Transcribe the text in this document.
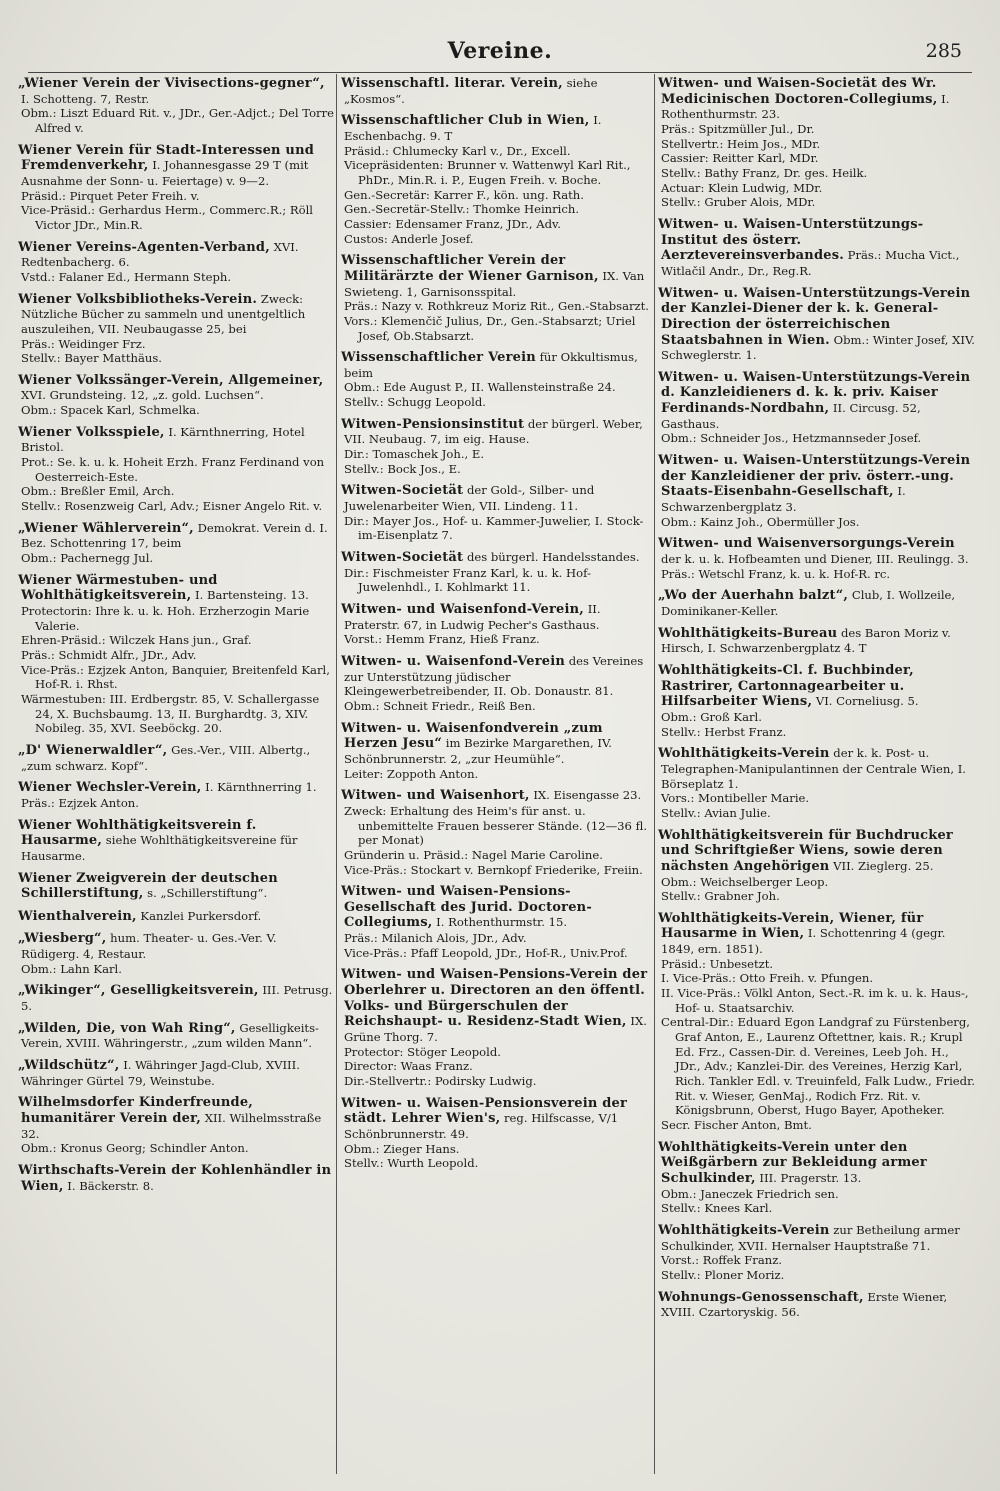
Vereine.	285
„Wiener Verein der Vivisections-gegner“, I. Schotteng. 7, Restr.
Obm.: Liszt Eduard Rit. v., JDr., Ger.-Adjct.; Del Torre Alfred v.
Wiener Verein für Stadt-Interessen und Fremdenverkehr, I. Johannesgasse 29 T (mit Ausnahme der Sonn- u. Feiertage) v. 9—2.
Präsid.: Pirquet Peter Freih. v.
Vice-Präsid.: Gerhardus Herm., Commerc.R.; Röll Victor JDr., Min.R.
Wiener Vereins-Agenten-Verband, XVI. Redtenbacherg. 6.
Vstd.: Falaner Ed., Hermann Steph.
Wiener Volksbibliotheks-Verein. Zweck: Nützliche Bücher zu sammeln und unentgeltlich auszuleihen, VII. Neubaugasse 25, bei
Präs.: Weidinger Frz.
Stellv.: Bayer Matthäus.
Wiener Volkssänger-Verein, Allgemeiner, XVI. Grundsteing. 12, „z. gold. Luchsen“.
Obm.: Spacek Karl, Schmelka.
Wiener Volksspiele, I. Kärnthnerring, Hotel Bristol.
Prot.: Se. k. u. k. Hoheit Erzh. Franz Ferdinand von Oesterreich-Este.
Obm.: Breßler Emil, Arch.
Stellv.: Rosenzweig Carl, Adv.; Eisner Angelo Rit. v.
„Wiener Wählerverein“, Demokrat. Verein d. I. Bez. Schottenring 17, beim
Obm.: Pachernegg Jul.
Wiener Wärmestuben- und Wohlthätigkeitsverein, I. Bartensteing. 13.
Protectorin: Ihre k. u. k. Hoh. Erzherzogin Marie Valerie.
Ehren-Präsid.: Wilczek Hans jun., Graf.
Präs.: Schmidt Alfr., JDr., Adv.
Vice-Präs.: Ezjzek Anton, Banquier, Breitenfeld Karl, Hof-R. i. Rhst.
Wärmestuben: III. Erdbergstr. 85, V. Schallergasse 24, X. Buchsbaumg. 13, II. Burghardtg. 3, XIV. Nobileg. 35, XVI. Seeböckg. 20.
„D' Wienerwaldler“, Ges.-Ver., VIII. Albertg., „zum schwarz. Kopf“.
Wiener Wechsler-Verein, I. Kärnthnerring 1.
Präs.: Ezjzek Anton.
Wiener Wohlthätigkeitsverein f. Hausarme, siehe Wohlthätigkeitsvereine für Hausarme.
Wiener Zweigverein der deutschen Schillerstiftung, s. „Schillerstiftung“.
Wienthalverein, Kanzlei Purkersdorf.
„Wiesberg“, hum. Theater- u. Ges.-Ver. V. Rüdigerg. 4, Restaur.
Obm.: Lahn Karl.
„Wikinger“, Geselligkeitsverein, III. Petrusg. 5.
„Wilden, Die, von Wah Ring“, Geselligkeits-Verein, XVIII. Währingerstr., „zum wilden Mann“.
„Wildschütz“, I. Währinger Jagd-Club, XVIII. Währinger Gürtel 79, Weinstube.
Wilhelmsdorfer Kinderfreunde, humanitärer Verein der, XII. Wilhelmsstraße 32.
Obm.: Kronus Georg; Schindler Anton.
Wirthschafts-Verein der Kohlenhändler in Wien, I. Bäckerstr. 8.
Wissenschaftl. literar. Verein, siehe „Kosmos“.
Wissenschaftlicher Club in Wien, I. Eschenbachg. 9. T
Präsid.: Chlumecky Karl v., Dr., Excell.
Vicepräsidenten: Brunner v. Wattenwyl Karl Rit., PhDr., Min.R. i. P., Eugen Freih. v. Boche.
Gen.-Secretär: Karrer F., kön. ung. Rath.
Gen.-Secretär-Stellv.: Thomke Heinrich.
Cassier: Edensamer Franz, JDr., Adv.
Custos: Anderle Josef.
Wissenschaftlicher Verein der Militärärzte der Wiener Garnison, IX. Van Swieteng. 1, Garnisonsspital.
Präs.: Nazy v. Rothkreuz Moriz Rit., Gen.-Stabsarzt.
Vors.: Klemenčič Julius, Dr., Gen.-Stabsarzt; Uriel Josef, Ob.Stabsarzt.
Wissenschaftlicher Verein für Okkultismus, beim
Obm.: Ede August P., II. Wallensteinstraße 24.
Stellv.: Schugg Leopold.
Witwen-Pensionsinstitut der bürgerl. Weber, VII. Neubaug. 7, im eig. Hause.
Dir.: Tomaschek Joh., E.
Stellv.: Bock Jos., E.
Witwen-Societät der Gold-, Silber- und Juwelenarbeiter Wien, VII. Lindeng. 11.
Dir.: Mayer Jos., Hof- u. Kammer-Juwelier, I. Stock-im-Eisenplatz 7.
Witwen-Societät des bürgerl. Handelsstandes.
Dir.: Fischmeister Franz Karl, k. u. k. Hof-Juwelenhdl., I. Kohlmarkt 11.
Witwen- und Waisenfond-Verein, II. Praterstr. 67, in Ludwig Pecher's Gasthaus.
Vorst.: Hemm Franz, Hieß Franz.
Witwen- u. Waisenfond-Verein des Vereines zur Unterstützung jüdischer Kleingewerbetreibender, II. Ob. Donaustr. 81.
Obm.: Schneit Friedr., Reiß Ben.
Witwen- u. Waisenfondverein „zum Herzen Jesu“ im Bezirke Margarethen, IV. Schönbrunnerstr. 2, „zur Heumühle“.
Leiter: Zoppoth Anton.
Witwen- und Waisenhort, IX. Eisengasse 23.
Zweck: Erhaltung des Heim's für anst. u. unbemittelte Frauen besserer Stände. (12—36 fl. per Monat)
Gründerin u. Präsid.: Nagel Marie Caroline.
Vice-Präs.: Stockart v. Bernkopf Friederike, Freiin.
Witwen- und Waisen-Pensions-Gesellschaft des Jurid. Doctoren-Collegiums, I. Rothenthurmstr. 15.
Präs.: Milanich Alois, JDr., Adv.
Vice-Präs.: Pfaff Leopold, JDr., Hof-R., Univ.Prof.
Witwen- und Waisen-Pensions-Verein der Oberlehrer u. Directoren an den öffentl. Volks- und Bürgerschulen der Reichshaupt- u. Residenz-Stadt Wien, IX. Grüne Thorg. 7.
Protector: Stöger Leopold.
Director: Waas Franz.
Dir.-Stellvertr.: Podirsky Ludwig.
Witwen- u. Waisen-Pensionsverein der städt. Lehrer Wien's, reg. Hilfscasse, V/1 Schönbrunnerstr. 49.
Obm.: Zieger Hans.
Stellv.: Wurth Leopold.
Witwen- und Waisen-Societät des Wr. Medicinischen Doctoren-Collegiums, I. Rothenthurmstr. 23.
Präs.: Spitzmüller Jul., Dr.
Stellvertr.: Heim Jos., MDr.
Cassier: Reitter Karl, MDr.
Stellv.: Bathy Franz, Dr. ges. Heilk.
Actuar: Klein Ludwig, MDr.
Stellv.: Gruber Alois, MDr.
Witwen- u. Waisen-Unterstützungs-Institut des österr. Aerztevereinsverbandes. Präs.: Mucha Vict., Witlačil Andr., Dr., Reg.R.
Witwen- u. Waisen-Unterstützungs-Verein der Kanzlei-Diener der k. k. General-Direction der österreichischen Staatsbahnen in Wien. Obm.: Winter Josef, XIV. Schweglerstr. 1.
Witwen- u. Waisen-Unterstützungs-Verein d. Kanzleidieners d. k. k. priv. Kaiser Ferdinands-Nordbahn, II. Circusg. 52, Gasthaus.
Obm.: Schneider Jos., Hetzmannseder Josef.
Witwen- u. Waisen-Unterstützungs-Verein der Kanzleidiener der priv. österr.-ung. Staats-Eisenbahn-Gesellschaft, I. Schwarzenbergplatz 3.
Obm.: Kainz Joh., Obermüller Jos.
Witwen- und Waisenversorgungs-Verein der k. u. k. Hofbeamten und Diener, III. Reulingg. 3.
Präs.: Wetschl Franz, k. u. k. Hof-R. rc.
„Wo der Auerhahn balzt“, Club, I. Wollzeile, Dominikaner-Keller.
Wohlthätigkeits-Bureau des Baron Moriz v. Hirsch, I. Schwarzenbergplatz 4. T
Wohlthätigkeits-Cl. f. Buchbinder, Rastrirer, Cartonnagearbeiter u. Hilfsarbeiter Wiens, VI. Corneliusg. 5.
Obm.: Groß Karl.
Stellv.: Herbst Franz.
Wohlthätigkeits-Verein der k. k. Post- u. Telegraphen-Manipulantinnen der Centrale Wien, I. Börseplatz 1.
Vors.: Montibeller Marie.
Stellv.: Avian Julie.
Wohlthätigkeitsverein für Buchdrucker und Schriftgießer Wiens, sowie deren nächsten Angehörigen VII. Zieglerg. 25.
Obm.: Weichselberger Leop.
Stellv.: Grabner Joh.
Wohlthätigkeits-Verein, Wiener, für Hausarme in Wien, I. Schottenring 4 (gegr. 1849, ern. 1851).
Präsid.: Unbesetzt.
I. Vice-Präs.: Otto Freih. v. Pfungen.
II. Vice-Präs.: Völkl Anton, Sect.-R. im k. u. k. Haus-, Hof- u. Staatsarchiv.
Central-Dir.: Eduard Egon Landgraf zu Fürstenberg, Graf Anton, E., Laurenz Oftettner, kais. R.; Krupl Ed. Frz., Cassen-Dir. d. Vereines, Leeb Joh. H., JDr., Adv.; Kanzlei-Dir. des Vereines, Herzig Karl, Rich. Tankler Edl. v. Treuinfeld, Falk Ludw., Friedr. Rit. v. Wieser, GenMaj., Rodich Frz. Rit. v. Königsbrunn, Oberst, Hugo Bayer, Apotheker.
Secr. Fischer Anton, Bmt.
Wohlthätigkeits-Verein unter den Weißgärbern zur Bekleidung armer Schulkinder, III. Pragerstr. 13.
Obm.: Janeczek Friedrich sen.
Stellv.: Knees Karl.
Wohlthätigkeits-Verein zur Betheilung armer Schulkinder, XVII. Hernalser Hauptstraße 71.
Vorst.: Roffek Franz.
Stellv.: Ploner Moriz.
Wohnungs-Genossenschaft, Erste Wiener, XVIII. Czartoryskig. 56.
